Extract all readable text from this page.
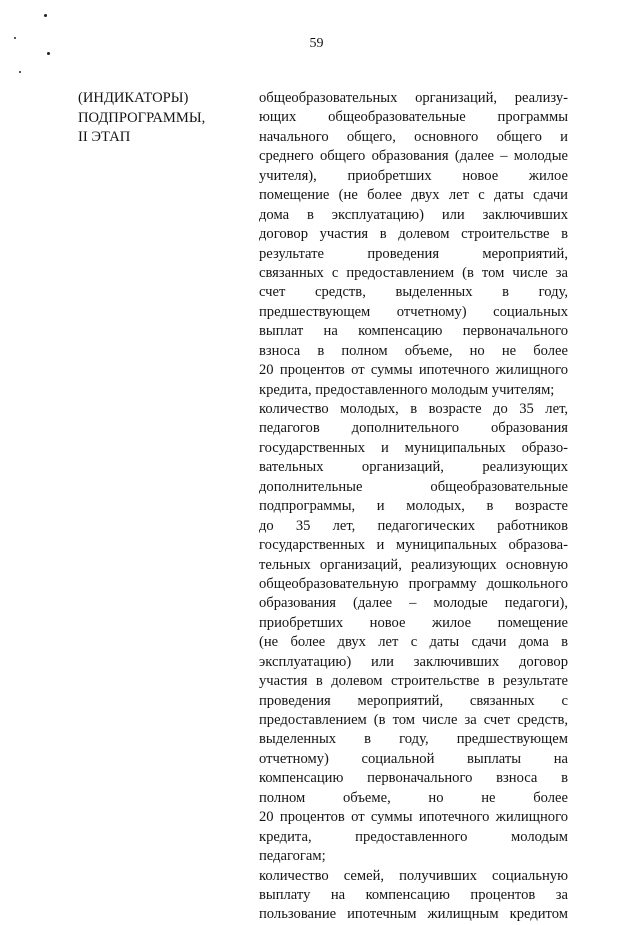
59
(ИНДИКАТОРЫ)
ПОДПРОГРАММЫ,
II ЭТАП
общеобразовательных организаций, реализу-
ющих общеобразовательные программы
начального общего, основного общего и
среднего общего образования (далее – молодые
учителя), приобретших новое жилое
помещение (не более двух лет с даты сдачи
дома в эксплуатацию) или заключивших
договор участия в долевом строительстве в
результате проведения мероприятий,
связанных с предоставлением (в том числе за
счет средств, выделенных в году,
предшествующем отчетному) социальных
выплат на компенсацию первоначального
взноса в полном объеме, но не более
20 процентов от суммы ипотечного жилищного
кредита, предоставленного молодым учителям;
количество молодых, в возрасте до 35 лет,
педагогов дополнительного образования
государственных и муниципальных образо-
вательных организаций, реализующих
дополнительные общеобразовательные
подпрограммы, и молодых, в возрасте
до 35 лет, педагогических работников
государственных и муниципальных образова-
тельных организаций, реализующих основную
общеобразовательную программу дошкольного
образования (далее – молодые педагоги),
приобретших новое жилое помещение
(не более двух лет с даты сдачи дома в
эксплуатацию) или заключивших договор
участия в долевом строительстве в результате
проведения мероприятий, связанных с
предоставлением (в том числе за счет средств,
выделенных в году, предшествующем
отчетному) социальной выплаты на
компенсацию первоначального взноса в
полном объеме, но не более
20 процентов от суммы ипотечного жилищного
кредита, предоставленного молодым
педагогам;
количество семей, получивших социальную
выплату на компенсацию процентов за
пользование ипотечным жилищным кредитом
